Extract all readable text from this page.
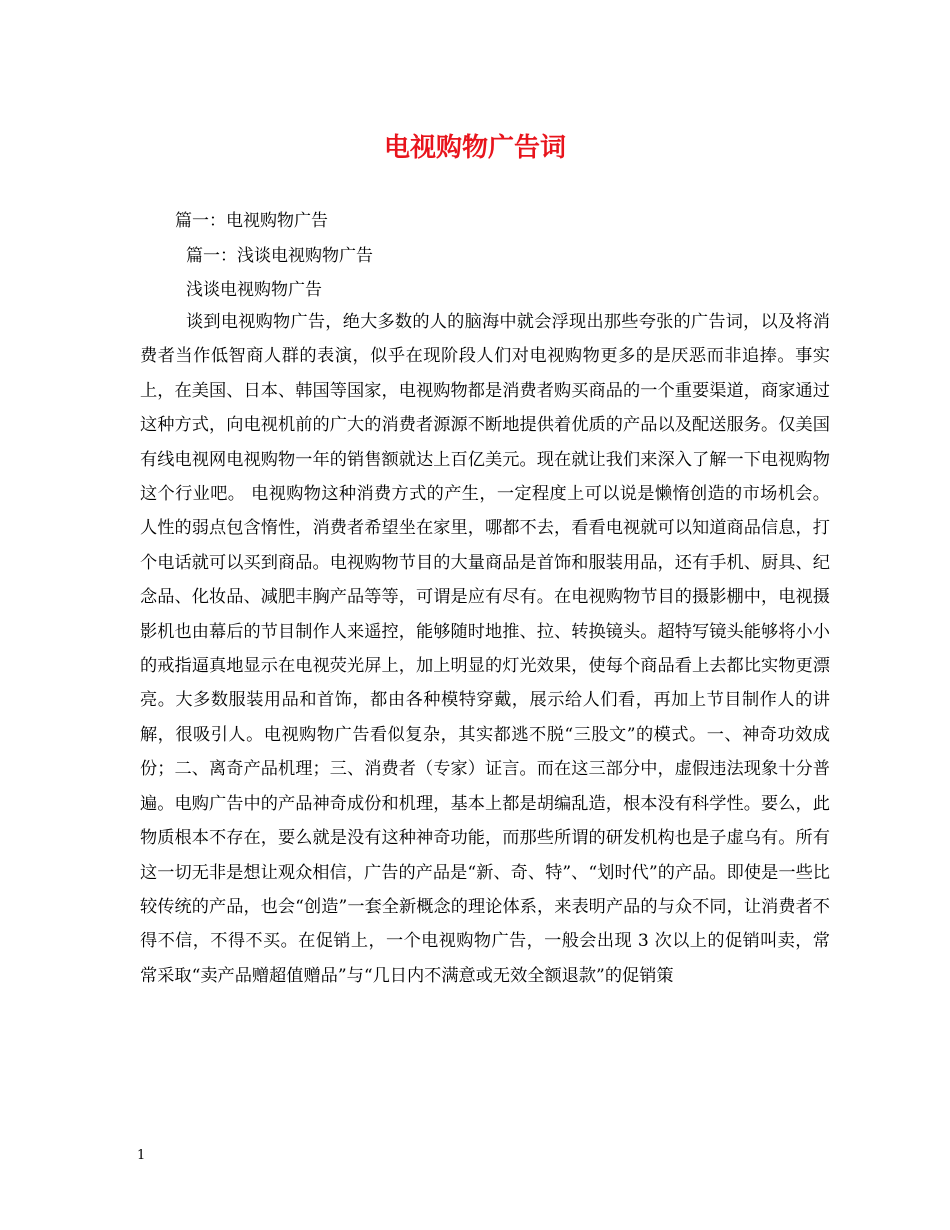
电视购物广告词
篇一：电视购物广告
篇一：浅谈电视购物广告
浅谈电视购物广告

谈到电视购物广告，绝大多数的人的脑海中就会浮现出那些夸张的广告词，以及将消费者当作低智商人群的表演，似乎在现阶段人们对电视购物更多的是厌恶而非追捧。事实上，在美国、日本、韩国等国家，电视购物都是消费者购买商品的一个重要渠道，商家通过这种方式，向电视机前的广大的消费者源源不断地提供着优质的产品以及配送服务。仅美国有线电视网电视购物一年的销售额就达上百亿美元。现在就让我们来深入了解一下电视购物这个行业吧。 电视购物这种消费方式的产生，一定程度上可以说是懒惰创造的市场机会。人性的弱点包含惰性，消费者希望坐在家里，哪都不去，看看电视就可以知道商品信息，打个电话就可以买到商品。电视购物节目的大量商品是首饰和服装用品，还有手机、厨具、纪念品、化妆品、减肥丰胸产品等等，可谓是应有尽有。在电视购物节目的摄影棚中，电视摄影机也由幕后的节目制作人来遥控，能够随时地推、拉、转换镜头。超特写镜头能够将小小的戒指逼真地显示在电视荧光屏上，加上明显的灯光效果，使每个商品看上去都比实物更漂亮。大多数服装用品和首饰，都由各种模特穿戴，展示给人们看，再加上节目制作人的讲解，很吸引人。电视购物广告看似复杂，其实都逃不脱“三股文”的模式。一、神奇功效成份；二、离奇产品机理；三、消费者（专家）证言。而在这三部分中，虚假违法现象十分普遍。电购广告中的产品神奇成份和机理，基本上都是胡编乱造，根本没有科学性。要么，此物质根本不存在，要么就是没有这种神奇功能，而那些所谓的研发机构也是子虚乌有。所有这一切无非是想让观众相信，广告的产品是“新、奇、特”、“划时代”的产品。即使是一些比较传统的产品，也会“创造”一套全新概念的理论体系，来表明产品的与众不同，让消费者不得不信，不得不买。在促销上，一个电视购物广告，一般会出现 3 次以上的促销叫卖，常常采取“卖产品赠超值赠品”与“几日内不满意或无效全额退款”的促销策

1
